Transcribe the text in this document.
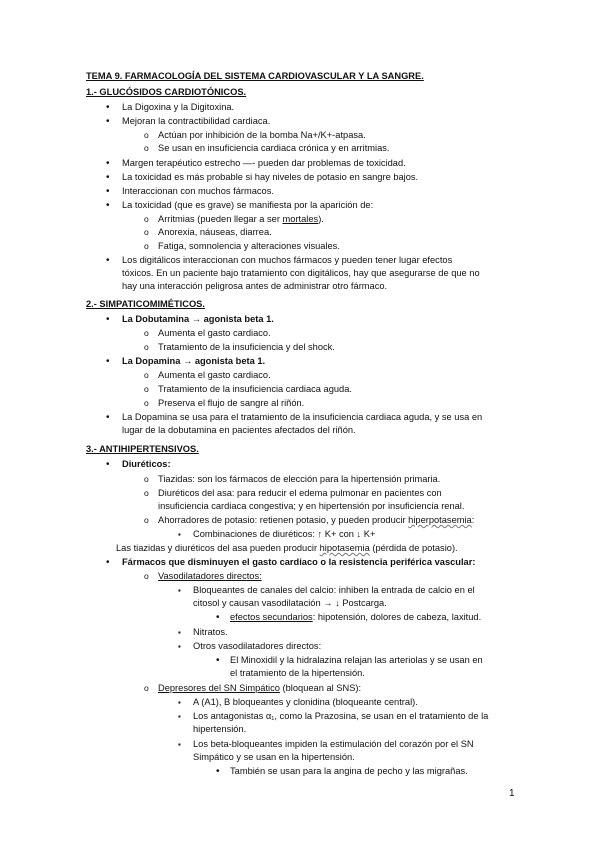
TEMA 9. FARMACOLOGÍA DEL SISTEMA CARDIOVASCULAR Y LA SANGRE.
1.- GLUCÓSIDOS CARDIOTÓNICOS.
•
La Digoxina y la Digitoxina.
•
Mejoran la contractibilidad cardiaca.
o
Actúan por inhibición de la bomba Na+/K+-atpasa.
o
Se usan en insuficiencia cardiaca crónica y en arritmias.
•
Margen terapéutico estrecho —- pueden dar problemas de toxicidad.
•
La toxicidad es más probable si hay niveles de potasio en sangre bajos.
•
Interaccionan con muchos fármacos.
•
La toxicidad (que es grave) se manifiesta por la aparición de:
o
Arritmias (pueden llegar a ser mortales).
o
Anorexia, náuseas, diarrea.
o
Fatiga, somnolencia y alteraciones visuales.
•
Los digitálicos interaccionan con muchos fármacos y pueden tener lugar efectos
tóxicos. En un paciente bajo tratamiento con digitálicos, hay que asegurarse de que no
hay una interacción peligrosa antes de administrar otro fármaco.
2.- SIMPATICOMIMÉTICOS.
•
La Dobutamina → agonista beta 1.
o
Aumenta el gasto cardiaco.
o
Tratamiento de la insuficiencia y del shock.
•
La Dopamina → agonista beta 1.
o
Aumenta el gasto cardiaco.
o
Tratamiento de la insuficiencia cardiaca aguda.
o
Preserva el flujo de sangre al riñón.
•
La Dopamina se usa para el tratamiento de la insuficiencia cardiaca aguda, y se usa en
lugar de la dobutamina en pacientes afectados del riñón.
3.- ANTIHIPERTENSIVOS.
•
Diuréticos:
o
Tiazidas: son los fármacos de elección para la hipertensión primaria.
o
Diuréticos del asa: para reducir el edema pulmonar en pacientes con
insuficiencia cardiaca congestiva; y en hipertensión por insuficiencia renal.
o
Ahorradores de potasio: retienen potasio, y pueden producir hiperpotasemia:
▪
Combinaciones de diuréticos: ↑ K+ con ↓ K+
Las tiazidas y diuréticos del asa pueden producir hipotasemia (pérdida de potasio).
•
Fármacos que disminuyen el gasto cardiaco o la resistencia periférica vascular:
o
Vasodilatadores directos:
▪
Bloqueantes de canales del calcio: inhiben la entrada de calcio en el
citosol y causan vasodilatación → ↓ Postcarga.
•
efectos secundarios: hipotensión, dolores de cabeza, laxitud.
▪
Nitratos.
▪
Otros vasodilatadores directos:
•
El Minoxidil y la hidralazina relajan las arteriolas y se usan en
el tratamiento de la hipertensión.
o
Depresores del SN Simpático (bloquean al SNS):
▪
A (A1), B bloqueantes y clonidina (bloqueante central).
▪
Los antagonistas α₁, como la Prazosina, se usan en el tratamiento de la
hipertensión.
▪
Los beta-bloqueantes impiden la estimulación del corazón por el SN
Simpático y se usan en la hipertensión.
•
También se usan para la angina de pecho y las migrañas.
1
